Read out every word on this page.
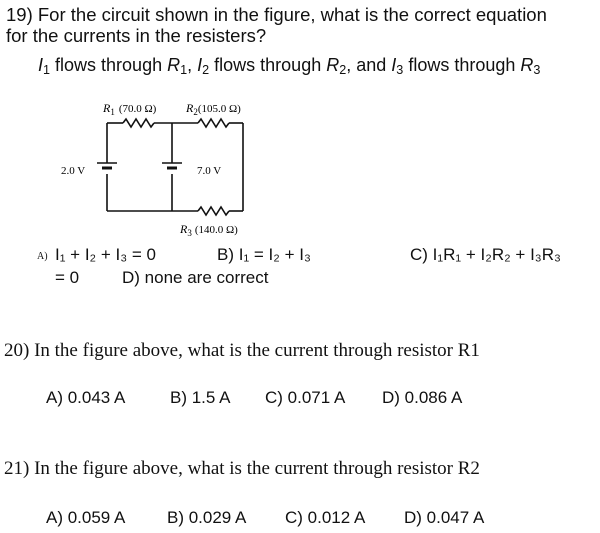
19) For the circuit shown in the figure, what is the correct equation
for the currents in the resisters?
$I_1$ flows through $R_1$, $I_2$ flows through $R_2$, and $I_3$ flows through $R_3$
$R_1$ (70.0 Ω) $R_2(105.0$ Ω)
2.0 V	7.0 V
$R_3$ (140.0 Ω)
A) I₁ + I₂ + I₃ = 0	B) I₁ = I₂ + I₃	C) I₁R₁ + I₂R₂ + I₃R₃
= 0	D) none are correct
20) In the figure above, what is the current through resistor R1
A) 0.043 A	B) 1.5 A C) 0.071 A D) 0.086 A
21) In the figure above, what is the current through resistor R2
A) 0.059 A B) 0.029 A C) 0.012 A D) 0.047 A
